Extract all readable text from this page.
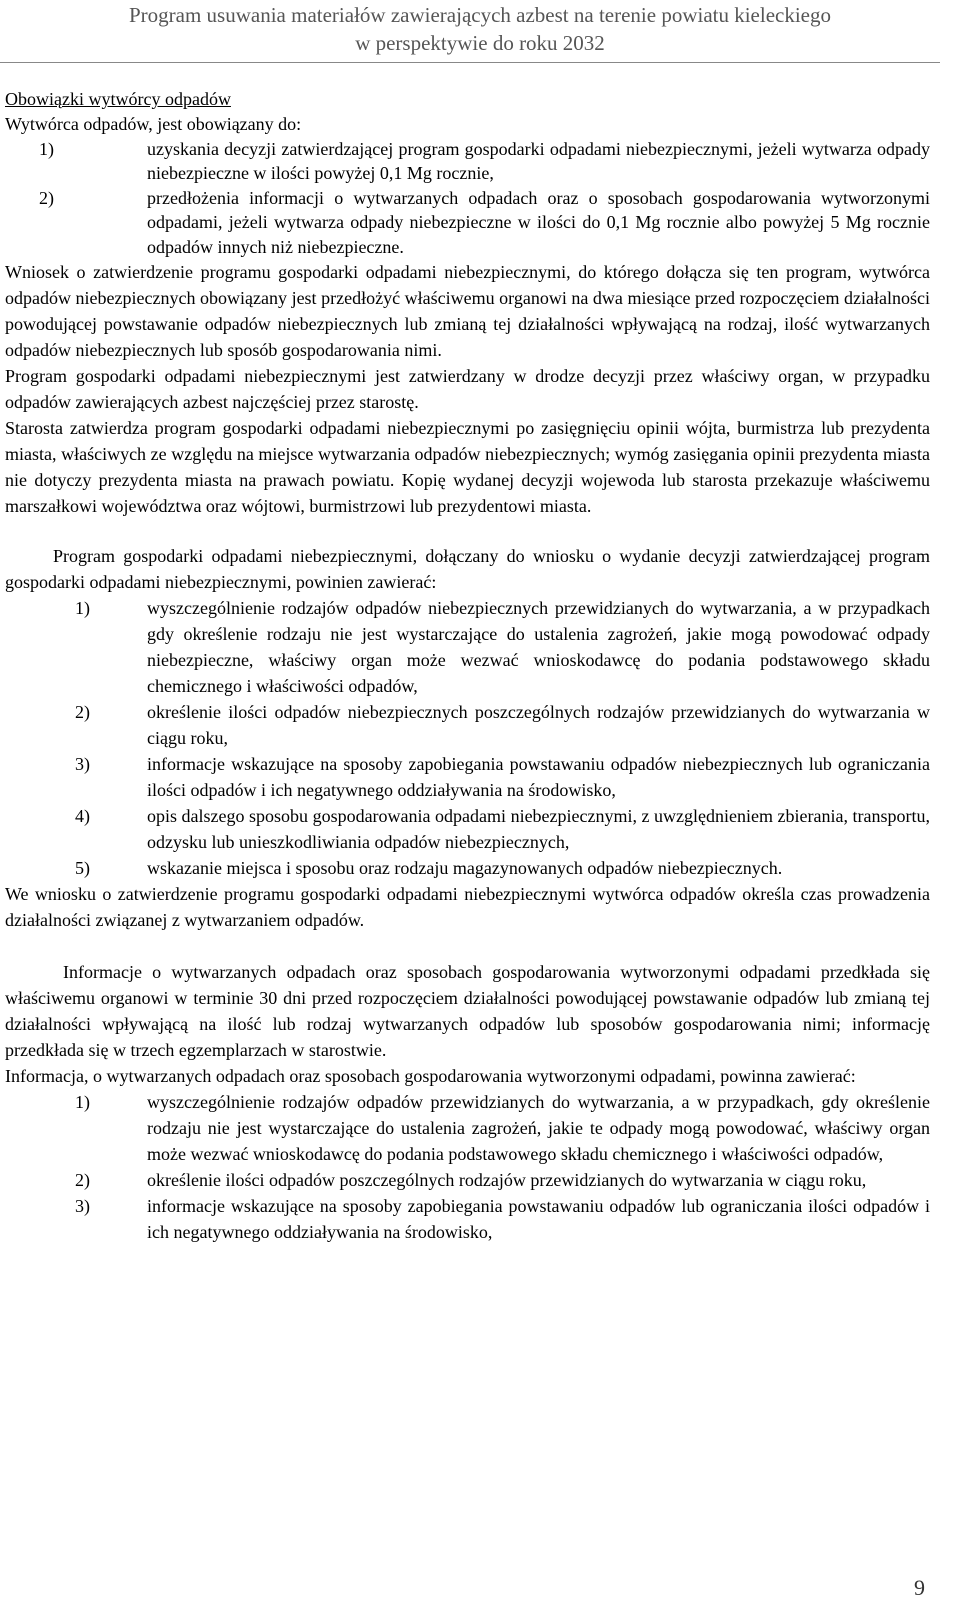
Program usuwania materiałów zawierających azbest na terenie powiatu kieleckiego
w perspektywie do roku 2032

Obowiązki wytwórcy odpadów

Wytwórca odpadów, jest obowiązany do:

1)	uzyskania decyzji zatwierdzającej program gospodarki odpadami niebezpiecznymi, jeżeli wytwarza odpady niebezpieczne w ilości powyżej 0,1 Mg rocznie,
2)	przedłożenia informacji o wytwarzanych odpadach oraz o sposobach gospodarowania wytworzonymi odpadami, jeżeli wytwarza odpady niebezpieczne w ilości do 0,1 Mg rocznie albo powyżej 5 Mg rocznie odpadów innych niż niebezpieczne.

Wniosek o zatwierdzenie programu gospodarki odpadami niebezpiecznymi, do którego dołącza się ten program, wytwórca odpadów niebezpiecznych obowiązany jest przedłożyć właściwemu organowi na dwa miesiące przed rozpoczęciem działalności powodującej powstawanie odpadów niebezpiecznych lub zmianą tej działalności wpływającą na rodzaj, ilość wytwarzanych odpadów niebezpiecznych lub sposób gospodarowania nimi.

Program gospodarki odpadami niebezpiecznymi jest zatwierdzany w drodze decyzji przez właściwy organ, w przypadku odpadów zawierających azbest najczęściej przez starostę.

Starosta zatwierdza program gospodarki odpadami niebezpiecznymi po zasięgnięciu opinii wójta, burmistrza lub prezydenta miasta, właściwych ze względu na miejsce wytwarzania odpadów niebezpiecznych; wymóg zasięgania opinii prezydenta miasta nie dotyczy prezydenta miasta na prawach powiatu. Kopię wydanej decyzji wojewoda lub starosta przekazuje właściwemu marszałkowi województwa oraz wójtowi, burmistrzowi lub prezydentowi miasta.

Program gospodarki odpadami niebezpiecznymi, dołączany do wniosku o wydanie decyzji zatwierdzającej program gospodarki odpadami niebezpiecznymi, powinien zawierać:

1)	wyszczególnienie rodzajów odpadów niebezpiecznych przewidzianych do wytwarzania, a w przypadkach gdy określenie rodzaju nie jest wystarczające do ustalenia zagrożeń, jakie mogą powodować odpady niebezpieczne, właściwy organ może wezwać wnioskodawcę do podania podstawowego składu chemicznego i właściwości odpadów,
2)	określenie ilości odpadów niebezpiecznych poszczególnych rodzajów przewidzianych do wytwarzania w ciągu roku,
3)	informacje wskazujące na sposoby zapobiegania powstawaniu odpadów niebezpiecznych lub ograniczania ilości odpadów i ich negatywnego oddziaływania na środowisko,
4)	opis dalszego sposobu gospodarowania odpadami niebezpiecznymi, z uwzględnieniem zbierania, transportu, odzysku lub unieszkodliwiania odpadów niebezpiecznych,
5)	wskazanie miejsca i sposobu oraz rodzaju magazynowanych odpadów niebezpiecznych.

We wniosku o zatwierdzenie programu gospodarki odpadami niebezpiecznymi wytwórca odpadów określa czas prowadzenia działalności związanej z wytwarzaniem odpadów.

Informacje o wytwarzanych odpadach oraz sposobach gospodarowania wytworzonymi odpadami przedkłada się właściwemu organowi w terminie 30 dni przed rozpoczęciem działalności powodującej powstawanie odpadów lub zmianą tej działalności wpływającą na ilość lub rodzaj wytwarzanych odpadów lub sposobów gospodarowania nimi; informację przedkłada się w trzech egzemplarzach w starostwie.

Informacja, o wytwarzanych odpadach oraz sposobach gospodarowania wytworzonymi odpadami, powinna zawierać:

1)	wyszczególnienie rodzajów odpadów przewidzianych do wytwarzania, a w przypadkach, gdy określenie rodzaju nie jest wystarczające do ustalenia zagrożeń, jakie te odpady mogą powodować, właściwy organ może wezwać wnioskodawcę do podania podstawowego składu chemicznego i właściwości odpadów,
2)	określenie ilości odpadów poszczególnych rodzajów przewidzianych do wytwarzania w ciągu roku,
3)	informacje wskazujące na sposoby zapobiegania powstawaniu odpadów lub ograniczania ilości odpadów i ich negatywnego oddziaływania na środowisko,
9
